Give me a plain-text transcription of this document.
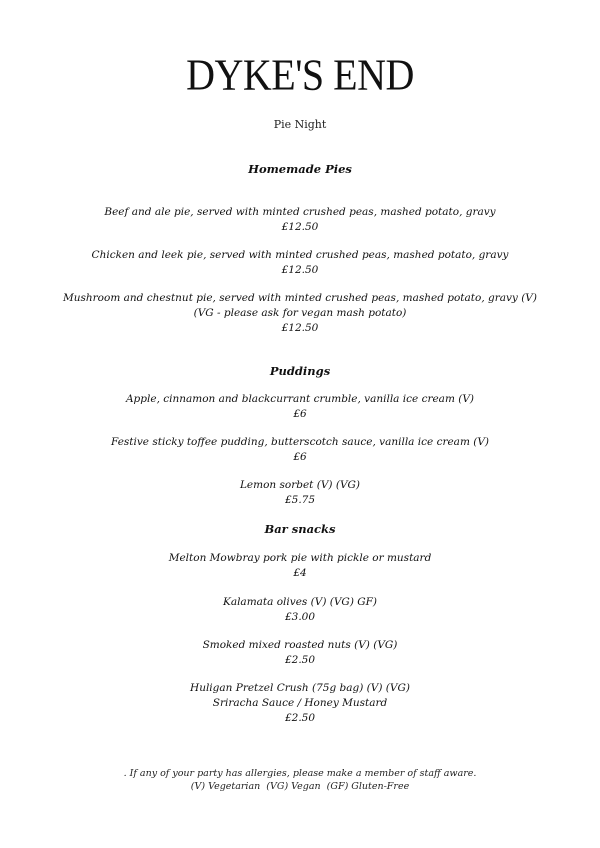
DYKE'S END
Pie Night
Homemade Pies
Beef and ale pie, served with minted crushed peas, mashed potato, gravy
£12.50
Chicken and leek pie, served with minted crushed peas, mashed potato, gravy
£12.50
Mushroom and chestnut pie, served with minted crushed peas, mashed potato, gravy (V)
(VG - please ask for vegan mash potato)
£12.50
Puddings
Apple, cinnamon and blackcurrant crumble, vanilla ice cream (V)
£6
Festive sticky toffee pudding, butterscotch sauce, vanilla ice cream (V)
£6
Lemon sorbet (V) (VG)
£5.75
Bar snacks
Melton Mowbray pork pie with pickle or mustard
£4
Kalamata olives (V) (VG) GF)
£3.00
Smoked mixed roasted nuts (V) (VG)
£2.50
Huligan Pretzel Crush (75g bag) (V) (VG)
Sriracha Sauce / Honey Mustard
£2.50
. If any of your party has allergies, please make a member of staff aware.
(V) Vegetarian  (VG) Vegan  (GF) Gluten-Free
